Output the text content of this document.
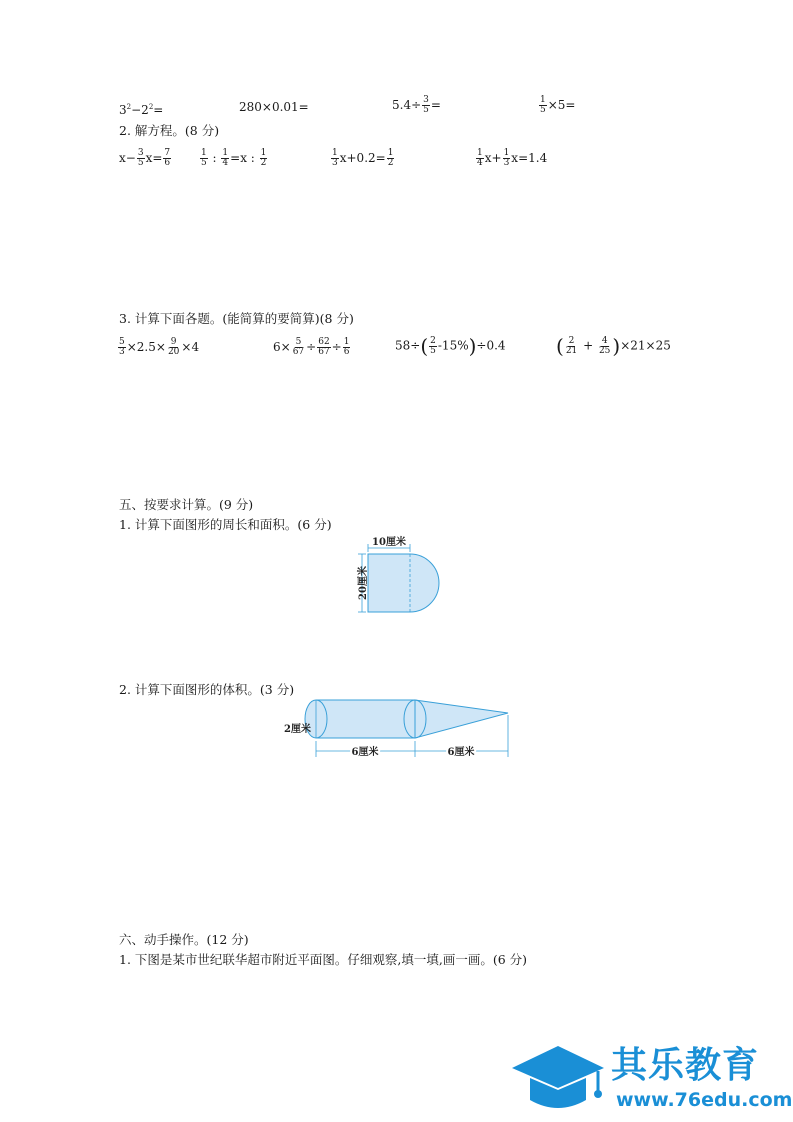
$3^2-2^2=$	280×0.01=	$5.4\div \frac{3}{5}$ =	$\frac{1}{5} \times 5=$
2. 解方程。(8 分)
$x- \frac{3}{5} x= \frac{7}{6}$	$\frac{1}{5}$ : $\frac{1}{4} =x$ : $\frac{1}{2}$	$\frac{1}{3} x+0.2= \frac{1}{2}$	$\frac{1}{4} x+ \frac{1}{3} x=1.4$
3. 计算下面各题。(能简算的要简算)(8 分)
$\frac{5}{3} \times 2.5\times \frac{9}{20} \times 4$	$6\times \frac{5}{67} \div \frac{62}{67} \div \frac{1}{6}$	$58\div( \frac{2}{5} -15\%)\div 0.4$	( $\frac{2}{21} + \frac{4}{25} )\times 21\times 25$
五、按要求计算。(9 分)
1. 计算下面图形的周长和面积。(6 分)
10厘米
20厘米
2. 计算下面图形的体积。(3 分)
2厘米
6厘米	6厘米
六、动手操作。(12 分)
1. 下图是某市世纪联华超市附近平面图。仔细观察,填一填,画一画。(6 分)
其乐教育
www.76edu.com
